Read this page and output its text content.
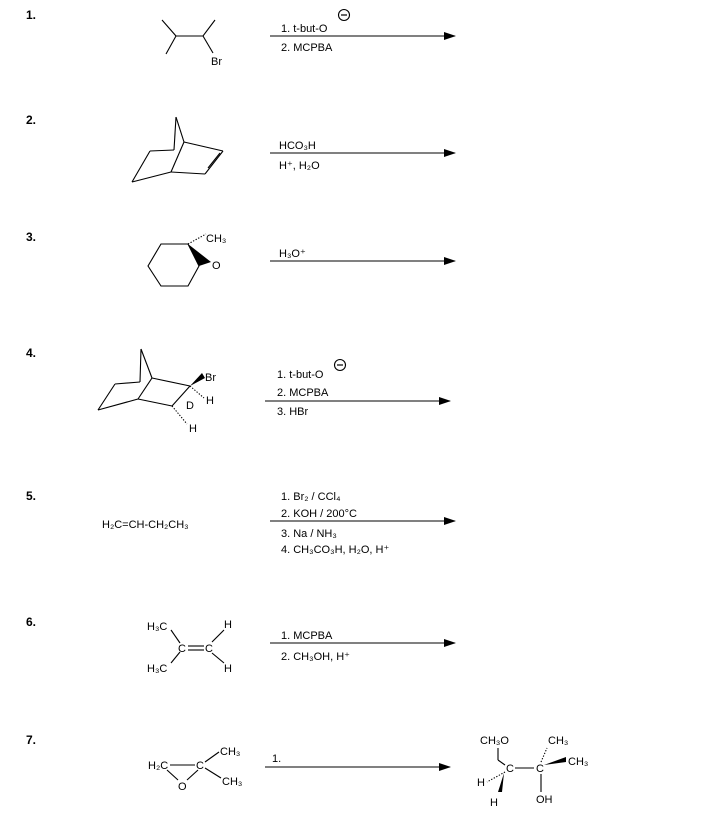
1.
Br
1. t-but-O
2. MCPBA
2.
HCO₃H
H⁺, H₂O
3.	CH₃
O
H₃O⁺
4.
Br
D H
H
1. t-but-O
2. MCPBA
3. HBr
5.
H₂C=CH-CH₂CH₃
1. Br₂ / CCl₄
2. KOH / 200°C
3. Na / NH₃
4. CH₃CO₃H, H₂O, H⁺
6.	H₃C	H
C C
H₃C	H
1. MCPBA
2. CH₃OH, H⁺
7.
H₂C	C
CH₃
CH₃
O
1.
CH₃O	CH₃
CH₃
C C
H
H	OH
